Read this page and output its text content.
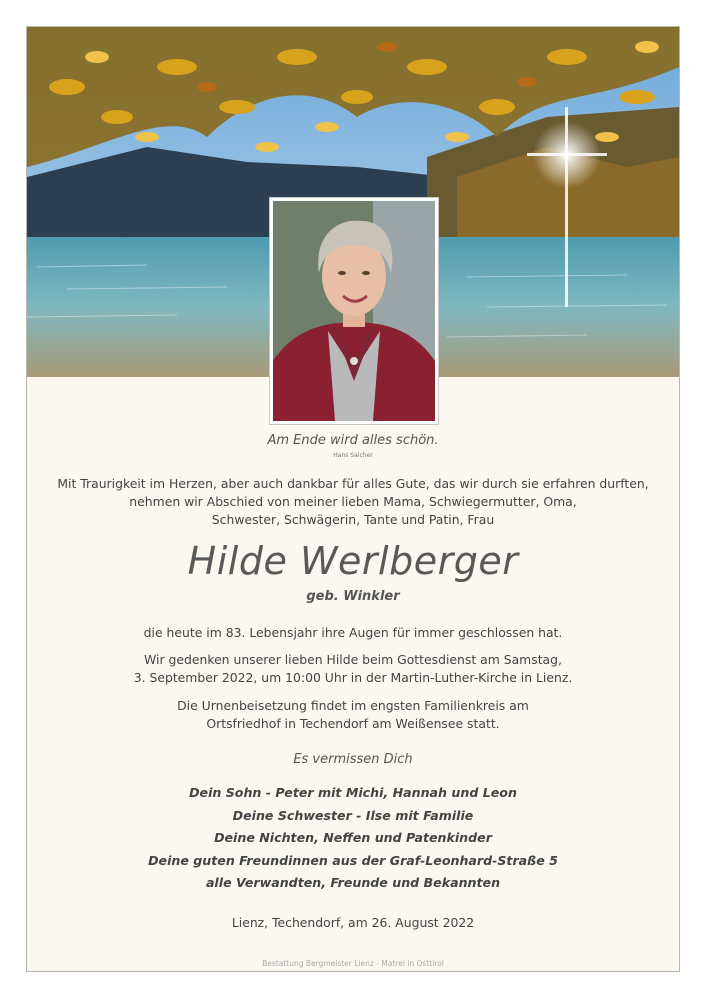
Am Ende wird alles schön.
Hans Salcher
Mit Traurigkeit im Herzen, aber auch dankbar für alles Gute, das wir durch sie erfahren durften,
nehmen wir Abschied von meiner lieben Mama, Schwiegermutter, Oma,
Schwester, Schwägerin, Tante und Patin, Frau
Hilde Werlberger
geb. Winkler
die heute im 83. Lebensjahr ihre Augen für immer geschlossen hat.
Wir gedenken unserer lieben Hilde beim Gottesdienst am Samstag,
3. September 2022, um 10:00 Uhr in der Martin-Luther-Kirche in Lienz.
Die Urnenbeisetzung findet im engsten Familienkreis am
Ortsfriedhof in Techendorf am Weißensee statt.
Es vermissen Dich
Dein Sohn - Peter mit Michi, Hannah und Leon
Deine Schwester - Ilse mit Familie
Deine Nichten, Neffen und Patenkinder
Deine guten Freundinnen aus der Graf-Leonhard-Straße 5
alle Verwandten, Freunde und Bekannten
Lienz, Techendorf, am 26. August 2022
Bestattung Bergmeister Lienz - Matrei in Osttirol
